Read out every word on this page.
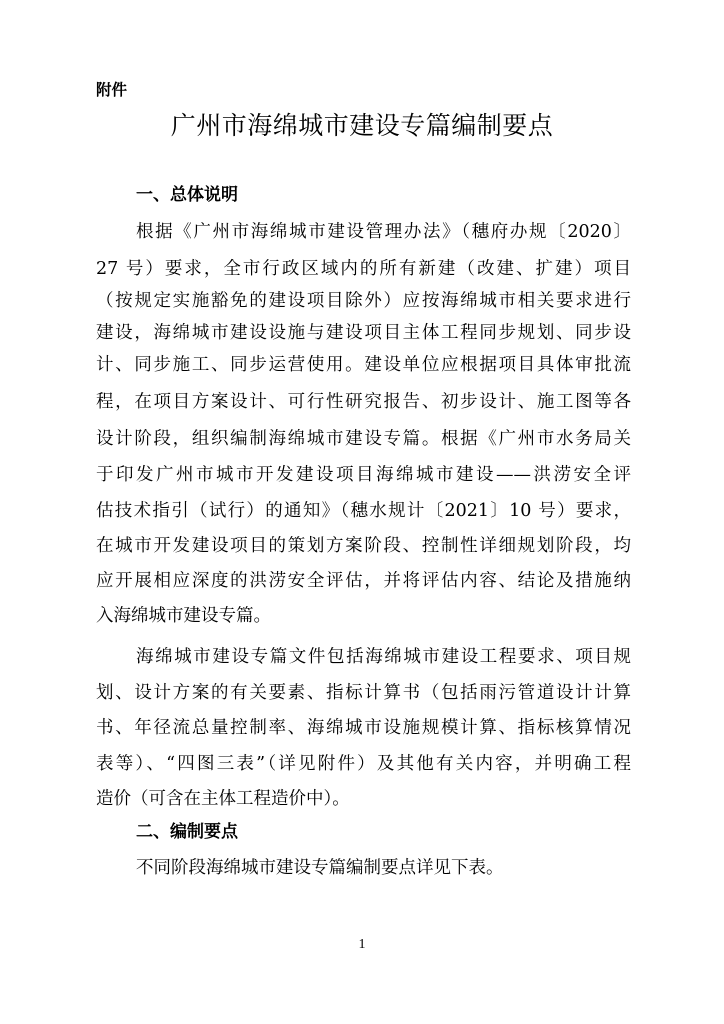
附件
广州市海绵城市建设专篇编制要点
一、总体说明
根据《广州市海绵城市建设管理办法》（穗府办规〔2020〕
27 号）要求，全市行政区域内的所有新建（改建、扩建）项目
（按规定实施豁免的建设项目除外）应按海绵城市相关要求进行
建设，海绵城市建设设施与建设项目主体工程同步规划、同步设
计、同步施工、同步运营使用。建设单位应根据项目具体审批流
程，在项目方案设计、可行性研究报告、初步设计、施工图等各
设计阶段，组织编制海绵城市建设专篇。根据《广州市水务局关
于印发广州市城市开发建设项目海绵城市建设——洪涝安全评
估技术指引（试行）的通知》（穗水规计〔2021〕10 号）要求，
在城市开发建设项目的策划方案阶段、控制性详细规划阶段，均
应开展相应深度的洪涝安全评估，并将评估内容、结论及措施纳
入海绵城市建设专篇。
海绵城市建设专篇文件包括海绵城市建设工程要求、项目规
划、设计方案的有关要素、指标计算书（包括雨污管道设计计算
书、年径流总量控制率、海绵城市设施规模计算、指标核算情况
表等）、“四图三表”（详见附件）及其他有关内容，并明确工程
造价（可含在主体工程造价中）。
二、编制要点
不同阶段海绵城市建设专篇编制要点详见下表。
1
